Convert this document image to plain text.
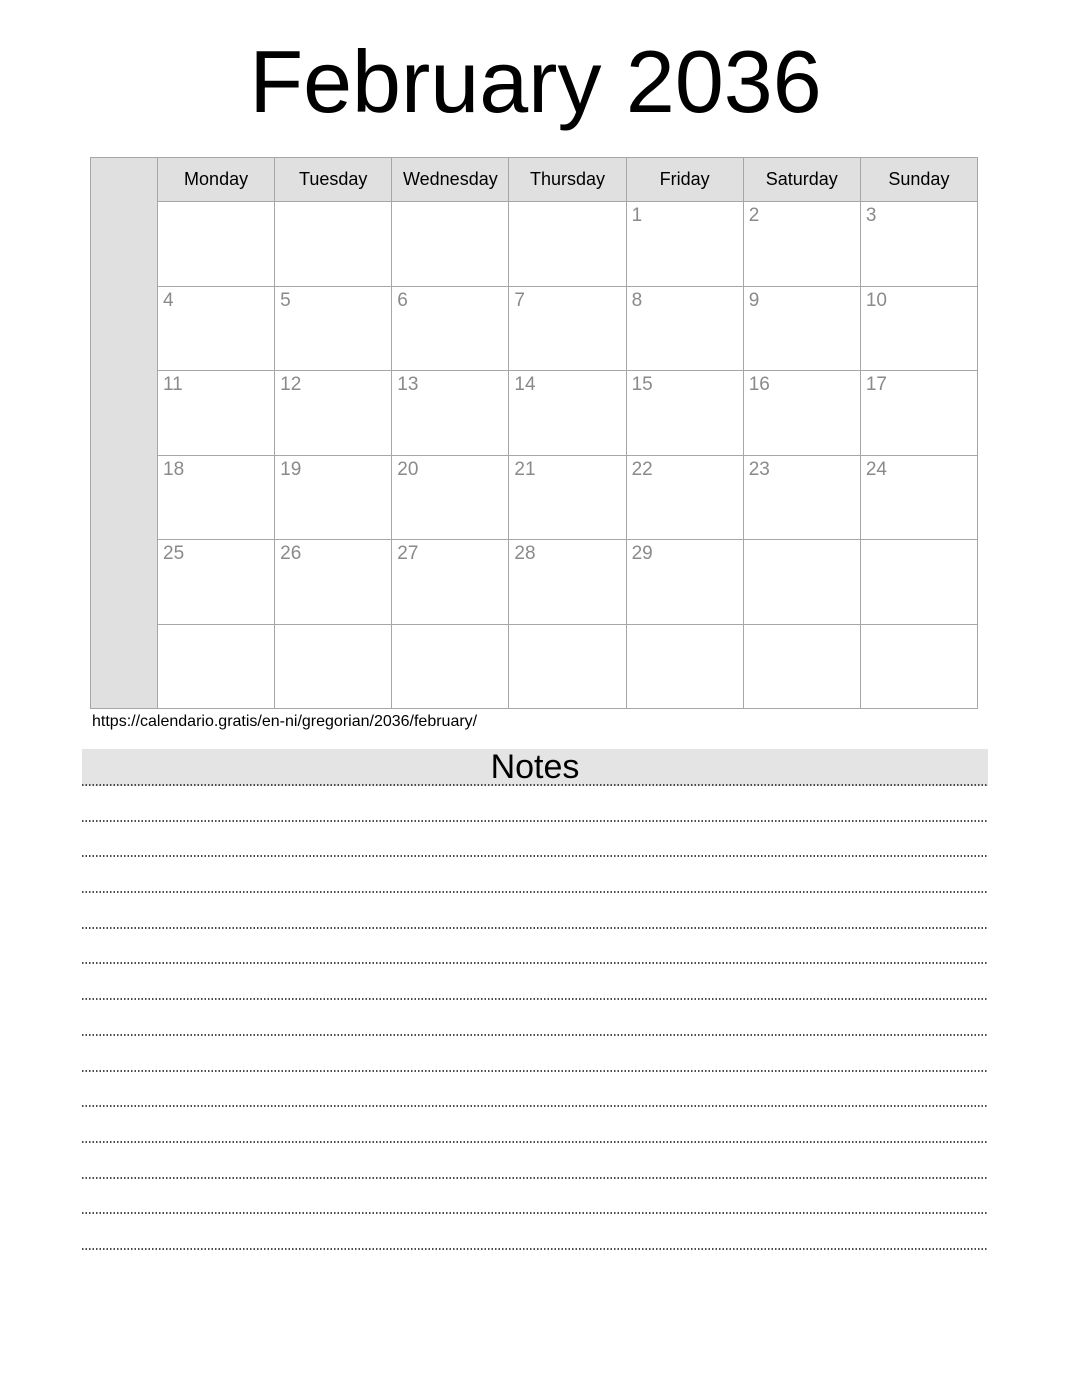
February 2036
	Monday	Tuesday	Wednesday	Thursday	Friday	Saturday	Sunday
					1	2	3
	4	5	6	7	8	9	10
	11	12	13	14	15	16	17
	18	19	20	21	22	23	24
	25	26	27	28	29		

https://calendario.gratis/en-ni/gregorian/2036/february/
Notes
